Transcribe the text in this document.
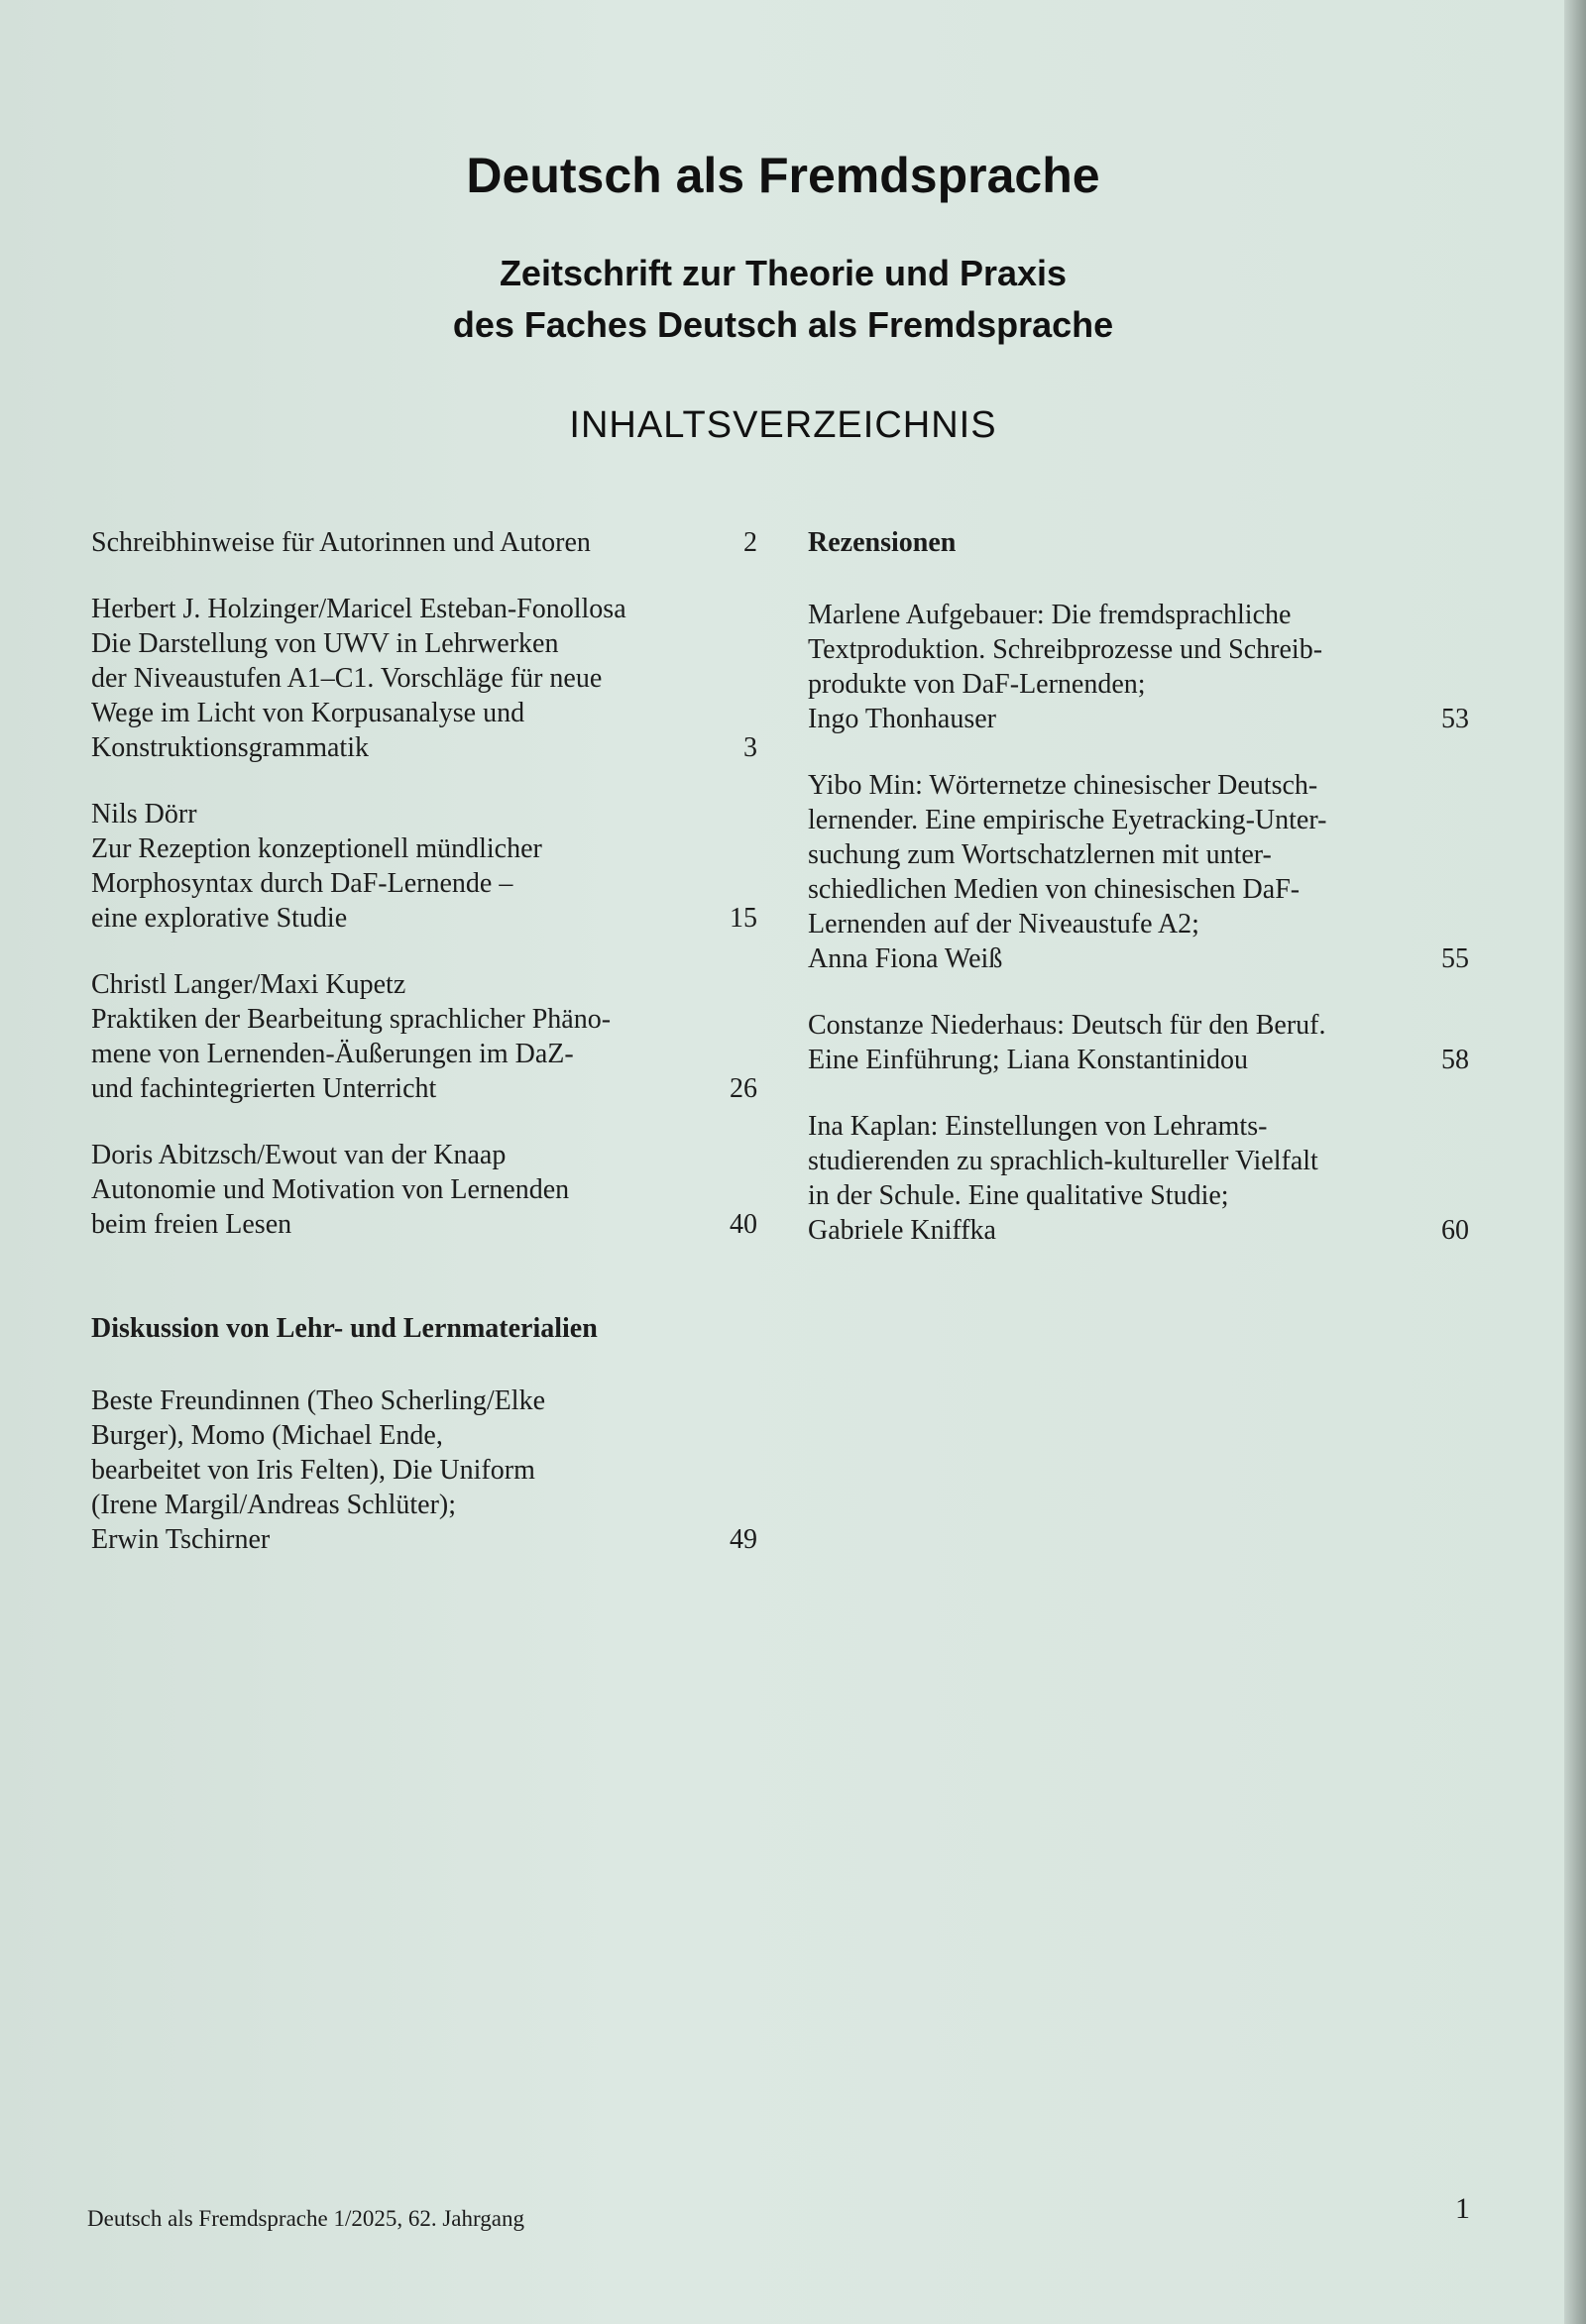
Deutsch als Fremdsprache
Zeitschrift zur Theorie und Praxis
des Faches Deutsch als Fremdsprache
INHALTSVERZEICHNIS
Schreibhinweise für Autorinnen und Autoren	2
Herbert J. Holzinger/Maricel Esteban-Fonollosa
Die Darstellung von UWV in Lehrwerken
der Niveaustufen A1–C1. Vorschläge für neue
Wege im Licht von Korpusanalyse und
Konstruktionsgrammatik	3
Nils Dörr
Zur Rezeption konzeptionell mündlicher
Morphosyntax durch DaF-Lernende –
eine explorative Studie	15
Christl Langer/Maxi Kupetz
Praktiken der Bearbeitung sprachlicher Phäno-
mene von Lernenden-Äußerungen im DaZ-
und fachintegrierten Unterricht	26
Doris Abitzsch/Ewout van der Knaap
Autonomie und Motivation von Lernenden
beim freien Lesen	40
Diskussion von Lehr- und Lernmaterialien
Beste Freundinnen (Theo Scherling/Elke
Burger), Momo (Michael Ende,
bearbeitet von Iris Felten), Die Uniform
(Irene Margil/Andreas Schlüter);
Erwin Tschirner	49
Rezensionen
Marlene Aufgebauer: Die fremdsprachliche
Textproduktion. Schreibprozesse und Schreib-
produkte von DaF-Lernenden;
Ingo Thonhauser	53
Yibo Min: Wörternetze chinesischer Deutsch-
lernender. Eine empirische Eyetracking-Unter-
suchung zum Wortschatzlernen mit unter-
schiedlichen Medien von chinesischen DaF-
Lernenden auf der Niveaustufe A2;
Anna Fiona Weiß	55
Constanze Niederhaus: Deutsch für den Beruf.
Eine Einführung; Liana Konstantinidou	58
Ina Kaplan: Einstellungen von Lehramts-
studierenden zu sprachlich-kultureller Vielfalt
in der Schule. Eine qualitative Studie;
Gabriele Kniffka	60
Deutsch als Fremdsprache 1/2025, 62. Jahrgang	1
